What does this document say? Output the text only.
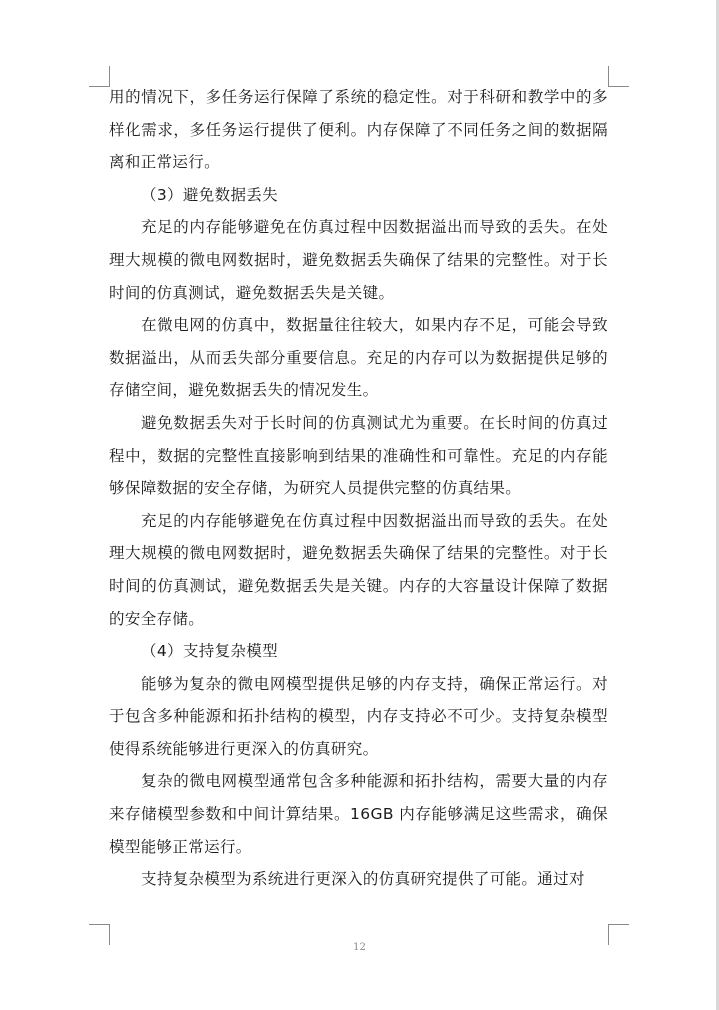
用的情况下，多任务运行保障了系统的稳定性。对于科研和教学中的多样化需求，多任务运行提供了便利。内存保障了不同任务之间的数据隔离和正常运行。

（3）避免数据丢失

充足的内存能够避免在仿真过程中因数据溢出而导致的丢失。在处理大规模的微电网数据时，避免数据丢失确保了结果的完整性。对于长时间的仿真测试，避免数据丢失是关键。

在微电网的仿真中，数据量往往较大，如果内存不足，可能会导致数据溢出，从而丢失部分重要信息。充足的内存可以为数据提供足够的存储空间，避免数据丢失的情况发生。

避免数据丢失对于长时间的仿真测试尤为重要。在长时间的仿真过程中，数据的完整性直接影响到结果的准确性和可靠性。充足的内存能够保障数据的安全存储，为研究人员提供完整的仿真结果。

充足的内存能够避免在仿真过程中因数据溢出而导致的丢失。在处理大规模的微电网数据时，避免数据丢失确保了结果的完整性。对于长时间的仿真测试，避免数据丢失是关键。内存的大容量设计保障了数据的安全存储。

（4）支持复杂模型

能够为复杂的微电网模型提供足够的内存支持，确保正常运行。对于包含多种能源和拓扑结构的模型，内存支持必不可少。支持复杂模型使得系统能够进行更深入的仿真研究。

复杂的微电网模型通常包含多种能源和拓扑结构，需要大量的内存来存储模型参数和中间计算结果。16GB 内存能够满足这些需求，确保模型能够正常运行。

支持复杂模型为系统进行更深入的仿真研究提供了可能。通过对

12
